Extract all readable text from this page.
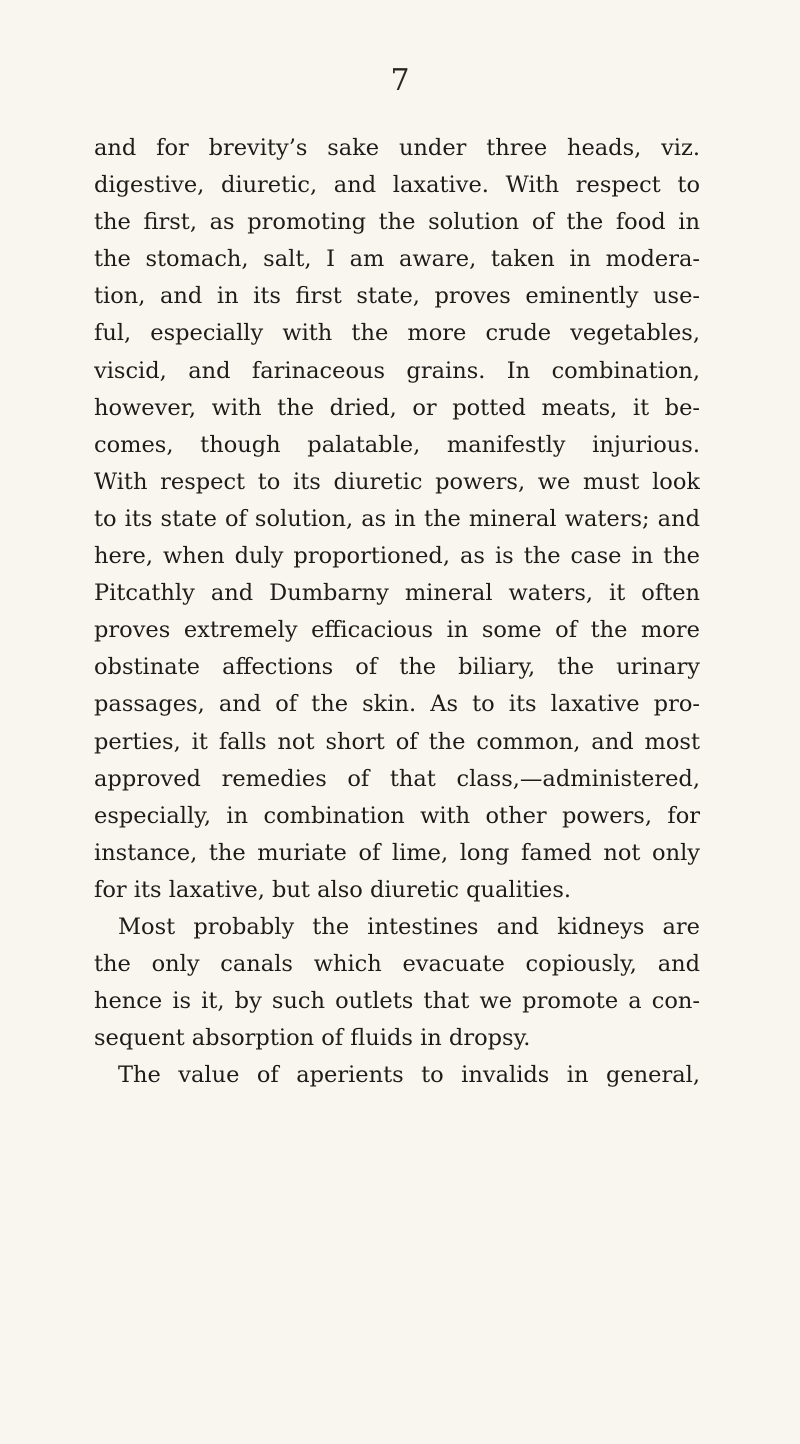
7
and for brevity’s sake under three heads, viz.
digestive, diuretic, and laxative. With respect to
the first, as promoting the solution of the food in
the stomach, salt, I am aware, taken in modera-
tion, and in its first state, proves eminently use-
ful, especially with the more crude vegetables,
viscid, and farinaceous grains. In combination,
however, with the dried, or potted meats, it be-
comes, though palatable, manifestly injurious.
With respect to its diuretic powers, we must look
to its state of solution, as in the mineral waters; and
here, when duly proportioned, as is the case in the
Pitcathly and Dumbarny mineral waters, it often
proves extremely efficacious in some of the more
obstinate affections of the biliary, the urinary
passages, and of the skin. As to its laxative pro-
perties, it falls not short of the common, and most
approved remedies of that class,—administered,
especially, in combination with other powers, for
instance, the muriate of lime, long famed not only
for its laxative, but also diuretic qualities.
Most probably the intestines and kidneys are
the only canals which evacuate copiously, and
hence is it, by such outlets that we promote a con-
sequent absorption of fluids in dropsy.
The value of aperients to invalids in general,
